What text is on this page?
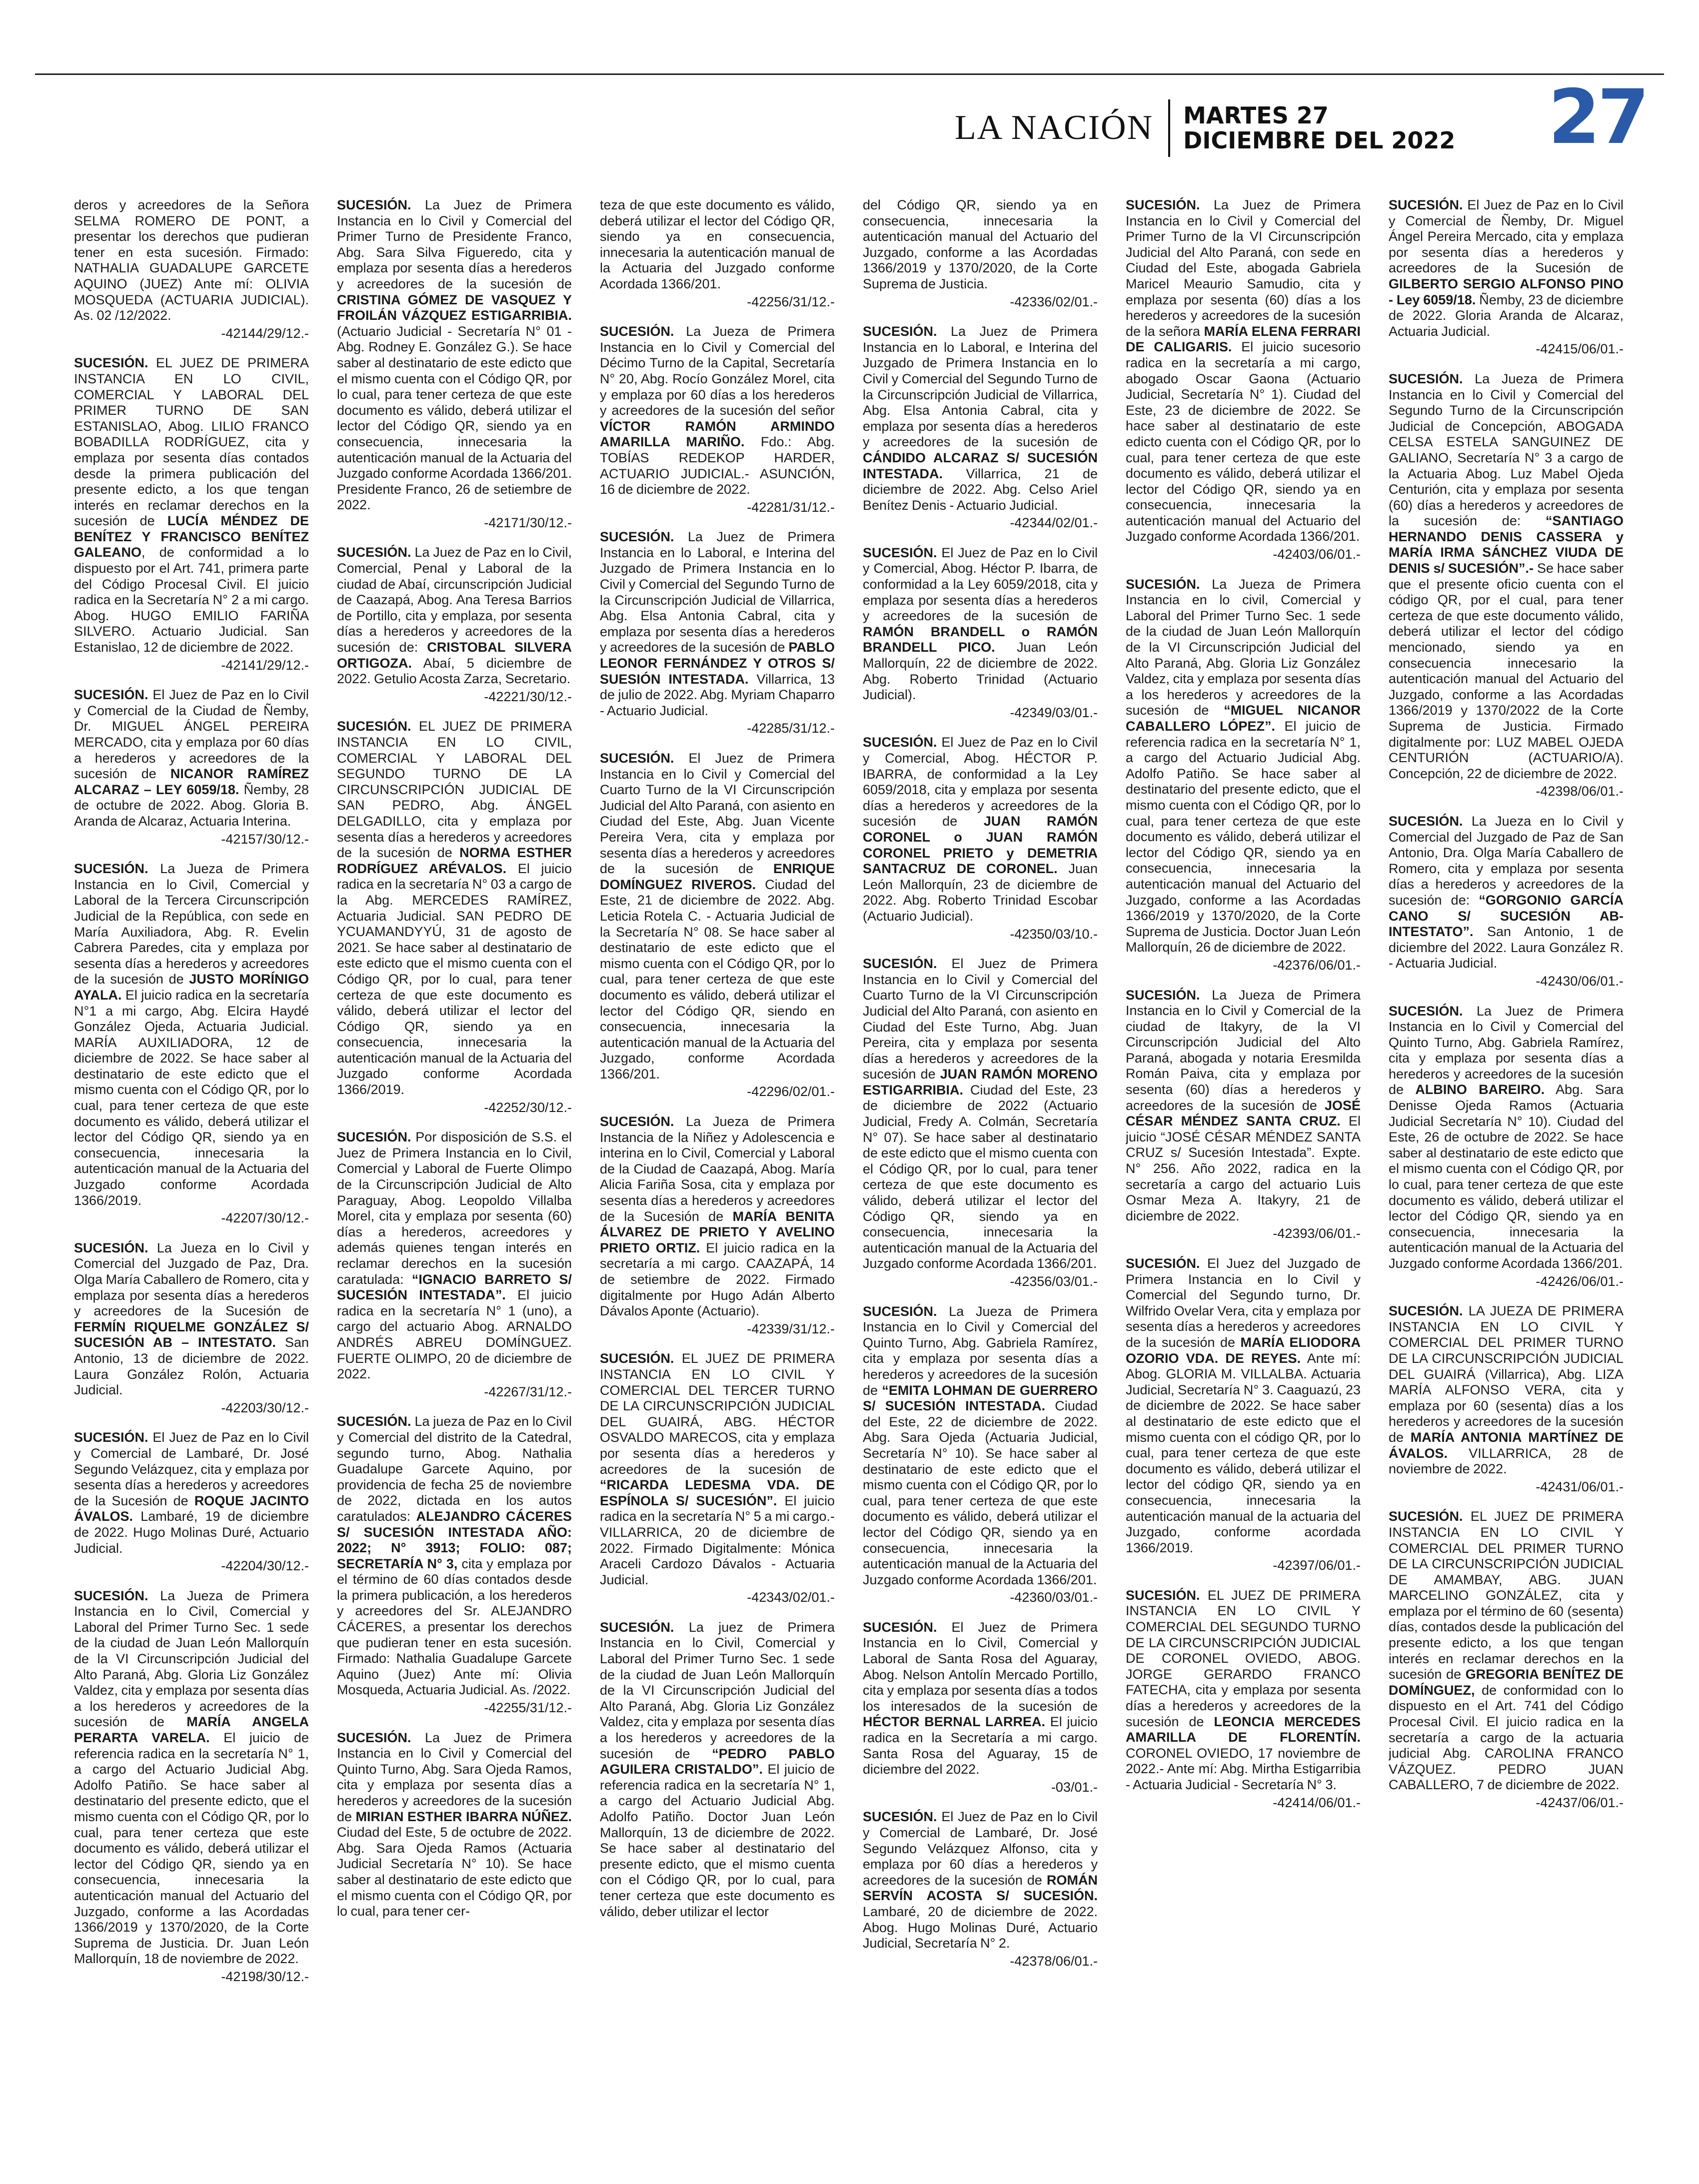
LA NACIÓN MARTES 27
DICIEMBRE DEL 2022 27

deros y acreedores de la Señora SELMA ROMERO DE PONT, a presentar los derechos que pudieran tener en esta sucesión. Firmado: NATHALIA GUADALUPE GARCETE AQUINO (JUEZ) Ante mí: OLIVIA MOSQUEDA (ACTUARIA JUDICIAL). As. 02 /12/2022.
-42144/29/12.-

SUCESIÓN. EL JUEZ DE PRIMERA INSTANCIA EN LO CIVIL, COMERCIAL Y LABORAL DEL PRIMER TURNO DE SAN ESTANISLAO, Abog. LILIO FRANCO BOBADILLA RODRÍGUEZ, cita y emplaza por sesenta días contados desde la primera publicación del presente edicto, a los que tengan interés en reclamar derechos en la sucesión de LUCÍA MÉNDEZ DE BENÍTEZ Y FRANCISCO BENÍTEZ GALEANO, de conformidad a lo dispuesto por el Art. 741, primera parte del Código Procesal Civil. El juicio radica en la Secretaría N° 2 a mi cargo. Abog. HUGO EMILIO FARIÑA SILVERO. Actuario Judicial. San Estanislao, 12 de diciembre de 2022.
-42141/29/12.-

SUCESIÓN. El Juez de Paz en lo Civil y Comercial de la Ciudad de Ñemby, Dr. MIGUEL ÁNGEL PEREIRA MERCADO, cita y emplaza por 60 días a herederos y acreedores de la sucesión de NICANOR RAMÍREZ ALCARAZ – LEY 6059/18. Ñemby, 28 de octubre de 2022. Abog. Gloria B. Aranda de Alcaraz, Actuaria Interina.
-42157/30/12.-

SUCESIÓN. La Jueza de Primera Instancia en lo Civil, Comercial y Laboral de la Tercera Circunscripción Judicial de la República, con sede en María Auxiliadora, Abg. R. Evelin Cabrera Paredes, cita y emplaza por sesenta días a herederos y acreedores de la sucesión de JUSTO MORÍNIGO AYALA. El juicio radica en la secretaría N°1 a mi cargo, Abg. Elcira Haydé González Ojeda, Actuaria Judicial. MARÍA AUXILIADORA, 12 de diciembre de 2022. Se hace saber al destinatario de este edicto que el mismo cuenta con el Código QR, por lo cual, para tener certeza de que este documento es válido, deberá utilizar el lector del Código QR, siendo ya en consecuencia, innecesaria la autenticación manual de la Actuaria del Juzgado conforme Acordada 1366/2019.
-42207/30/12.-

SUCESIÓN. La Jueza en lo Civil y Comercial del Juzgado de Paz, Dra. Olga María Caballero de Romero, cita y emplaza por sesenta días a herederos y acreedores de la Sucesión de FERMÍN RIQUELME GONZÁLEZ S/ SUCESIÓN AB – INTESTATO. San Antonio, 13 de diciembre de 2022. Laura González Rolón, Actuaria Judicial.
-42203/30/12.-

SUCESIÓN. El Juez de Paz en lo Civil y Comercial de Lambaré, Dr. José Segundo Velázquez, cita y emplaza por sesenta días a herederos y acreedores de la Sucesión de ROQUE JACINTO ÁVALOS. Lambaré, 19 de diciembre de 2022. Hugo Molinas Duré, Actuario Judicial.
-42204/30/12.-

SUCESIÓN. La Jueza de Primera Instancia en lo Civil, Comercial y Laboral del Primer Turno Sec. 1 sede de la ciudad de Juan León Mallorquín de la VI Circunscripción Judicial del Alto Paraná, Abg. Gloria Liz González Valdez, cita y emplaza por sesenta días a los herederos y acreedores de la sucesión de MARÍA ANGELA PERARTA VARELA. El juicio de referencia radica en la secretaría N° 1, a cargo del Actuario Judicial Abg. Adolfo Patiño. Se hace saber al destinatario del presente edicto, que el mismo cuenta con el Código QR, por lo cual, para tener certeza que este documento es válido, deberá utilizar el lector del Código QR, siendo ya en consecuencia, innecesaria la autenticación manual del Actuario del Juzgado, conforme a las Acordadas 1366/2019 y 1370/2020, de la Corte Suprema de Justicia. Dr. Juan León Mallorquín, 18 de noviembre de 2022.
-42198/30/12.-

SUCESIÓN. La Juez de Primera Instancia en lo Civil y Comercial del Primer Turno de Presidente Franco, Abg. Sara Silva Figueredo, cita y emplaza por sesenta días a herederos y acreedores de la sucesión de CRISTINA GÓMEZ DE VASQUEZ Y FROILÁN VÁZQUEZ ESTIGARRIBIA. (Actuario Judicial - Secretaría N° 01 - Abg. Rodney E. González G.). Se hace saber al destinatario de este edicto que el mismo cuenta con el Código QR, por lo cual, para tener certeza de que este documento es válido, deberá utilizar el lector del Código QR, siendo ya en consecuencia, innecesaria la autenticación manual de la Actuaria del Juzgado conforme Acordada 1366/201. Presidente Franco, 26 de setiembre de 2022.
-42171/30/12.-

SUCESIÓN. La Juez de Paz en lo Civil, Comercial, Penal y Laboral de la ciudad de Abaí, circunscripción Judicial de Caazapá, Abog. Ana Teresa Barrios de Portillo, cita y emplaza, por sesenta días a herederos y acreedores de la sucesión de: CRISTOBAL SILVERA ORTIGOZA. Abaí, 5 diciembre de 2022. Getulio Acosta Zarza, Secretario.
-42221/30/12.-

SUCESIÓN. EL JUEZ DE PRIMERA INSTANCIA EN LO CIVIL, COMERCIAL Y LABORAL DEL SEGUNDO TURNO DE LA CIRCUNSCRIPCIÓN JUDICIAL DE SAN PEDRO, Abg. ÁNGEL DELGADILLO, cita y emplaza por sesenta días a herederos y acreedores de la sucesión de NORMA ESTHER RODRÍGUEZ ARÉVALOS. El juicio radica en la secretaría N° 03 a cargo de la Abg. MERCEDES RAMÍREZ, Actuaria Judicial. SAN PEDRO DE YCUAMANDYYÚ, 31 de agosto de 2021. Se hace saber al destinatario de este edicto que el mismo cuenta con el Código QR, por lo cual, para tener certeza de que este documento es válido, deberá utilizar el lector del Código QR, siendo ya en consecuencia, innecesaria la autenticación manual de la Actuaria del Juzgado conforme Acordada 1366/2019.
-42252/30/12.-

SUCESIÓN. Por disposición de S.S. el Juez de Primera Instancia en lo Civil, Comercial y Laboral de Fuerte Olimpo de la Circunscripción Judicial de Alto Paraguay, Abog. Leopoldo Villalba Morel, cita y emplaza por sesenta (60) días a herederos, acreedores y además quienes tengan interés en reclamar derechos en la sucesión caratulada: “IGNACIO BARRETO S/ SUCESIÓN INTESTADA”. El juicio radica en la secretaría N° 1 (uno), a cargo del actuario Abog. ARNALDO ANDRÉS ABREU DOMÍNGUEZ. FUERTE OLIMPO, 20 de diciembre de 2022.
-42267/31/12.-

SUCESIÓN. La jueza de Paz en lo Civil y Comercial del distrito de la Catedral, segundo turno, Abog. Nathalia Guadalupe Garcete Aquino, por providencia de fecha 25 de noviembre de 2022, dictada en los autos caratulados: ALEJANDRO CÁCERES S/ SUCESIÓN INTESTADA AÑO: 2022; N° 3913; FOLIO: 087; SECRETARÍA N° 3, cita y emplaza por el término de 60 días contados desde la primera publicación, a los herederos y acreedores del Sr. ALEJANDRO CÁCERES, a presentar los derechos que pudieran tener en esta sucesión. Firmado: Nathalia Guadalupe Garcete Aquino (Juez) Ante mí: Olivia Mosqueda, Actuaria Judicial. As. /2022.
-42255/31/12.-

SUCESIÓN. La Juez de Primera Instancia en lo Civil y Comercial del Quinto Turno, Abg. Sara Ojeda Ramos, cita y emplaza por sesenta días a herederos y acreedores de la sucesión de MIRIAN ESTHER IBARRA NÚÑEZ. Ciudad del Este, 5 de octubre de 2022. Abg. Sara Ojeda Ramos (Actuaria Judicial Secretaría N° 10). Se hace saber al destinatario de este edicto que el mismo cuenta con el Código QR, por lo cual, para tener cer-

teza de que este documento es válido, deberá utilizar el lector del Código QR, siendo ya en consecuencia, innecesaria la autenticación manual de la Actuaria del Juzgado conforme Acordada 1366/201.
-42256/31/12.-

SUCESIÓN. La Jueza de Primera Instancia en lo Civil y Comercial del Décimo Turno de la Capital, Secretaría N° 20, Abg. Rocío González Morel, cita y emplaza por 60 días a los herederos y acreedores de la sucesión del señor VÍCTOR RAMÓN ARMINDO AMARILLA MARIÑO. Fdo.: Abg. TOBÍAS REDEKOP HARDER, ACTUARIO JUDICIAL.- ASUNCIÓN, 16 de diciembre de 2022.
-42281/31/12.-

SUCESIÓN. La Juez de Primera Instancia en lo Laboral, e Interina del Juzgado de Primera Instancia en lo Civil y Comercial del Segundo Turno de la Circunscripción Judicial de Villarrica, Abg. Elsa Antonia Cabral, cita y emplaza por sesenta días a herederos y acreedores de la sucesión de PABLO LEONOR FERNÁNDEZ Y OTROS S/ SUESIÓN INTESTADA. Villarrica, 13 de julio de 2022. Abg. Myriam Chaparro - Actuario Judicial.
-42285/31/12.-

SUCESIÓN. El Juez de Primera Instancia en lo Civil y Comercial del Cuarto Turno de la VI Circunscripción Judicial del Alto Paraná, con asiento en Ciudad del Este, Abg. Juan Vicente Pereira Vera, cita y emplaza por sesenta días a herederos y acreedores de la sucesión de ENRIQUE DOMÍNGUEZ RIVEROS. Ciudad del Este, 21 de diciembre de 2022. Abg. Leticia Rotela C. - Actuaria Judicial de la Secretaría N° 08. Se hace saber al destinatario de este edicto que el mismo cuenta con el Código QR, por lo cual, para tener certeza de que este documento es válido, deberá utilizar el lector del Código QR, siendo en consecuencia, innecesaria la autenticación manual de la Actuaria del Juzgado, conforme Acordada 1366/201.
-42296/02/01.-

SUCESIÓN. La Jueza de Primera Instancia de la Niñez y Adolescencia e interina en lo Civil, Comercial y Laboral de la Ciudad de Caazapá, Abog. María Alicia Fariña Sosa, cita y emplaza por sesenta días a herederos y acreedores de la Sucesión de MARÍA BENITA ÁLVAREZ DE PRIETO Y AVELINO PRIETO ORTIZ. El juicio radica en la secretaría a mi cargo. CAAZAPÁ, 14 de setiembre de 2022. Firmado digitalmente por Hugo Adán Alberto Dávalos Aponte (Actuario).
-42339/31/12.-

SUCESIÓN. EL JUEZ DE PRIMERA INSTANCIA EN LO CIVIL Y COMERCIAL DEL TERCER TURNO DE LA CIRCUNSCRIPCIÓN JUDICIAL DEL GUAIRÁ, ABG. HÉCTOR OSVALDO MARECOS, cita y emplaza por sesenta días a herederos y acreedores de la sucesión de “RICARDA LEDESMA VDA. DE ESPÍNOLA S/ SUCESIÓN”. El juicio radica en la secretaría N° 5 a mi cargo.- VILLARRICA, 20 de diciembre de 2022. Firmado Digitalmente: Mónica Araceli Cardozo Dávalos - Actuaria Judicial.
-42343/02/01.-

SUCESIÓN. La juez de Primera Instancia en lo Civil, Comercial y Laboral del Primer Turno Sec. 1 sede de la ciudad de Juan León Mallorquín de la VI Circunscripción Judicial del Alto Paraná, Abg. Gloria Liz González Valdez, cita y emplaza por sesenta días a los herederos y acreedores de la sucesión de “PEDRO PABLO AGUILERA CRISTALDO”. El juicio de referencia radica en la secretaría N° 1, a cargo del Actuario Judicial Abg. Adolfo Patiño. Doctor Juan León Mallorquín, 13 de diciembre de 2022. Se hace saber al destinatario del presente edicto, que el mismo cuenta con el Código QR, por lo cual, para tener certeza que este documento es válido, deber utilizar el lector

del Código QR, siendo ya en consecuencia, innecesaria la autenticación manual del Actuario del Juzgado, conforme a las Acordadas 1366/2019 y 1370/2020, de la Corte Suprema de Justicia.
-42336/02/01.-

SUCESIÓN. La Juez de Primera Instancia en lo Laboral, e Interina del Juzgado de Primera Instancia en lo Civil y Comercial del Segundo Turno de la Circunscripción Judicial de Villarrica, Abg. Elsa Antonia Cabral, cita y emplaza por sesenta días a herederos y acreedores de la sucesión de CÁNDIDO ALCARAZ S/ SUCESIÓN INTESTADA. Villarrica, 21 de diciembre de 2022. Abg. Celso Ariel Benítez Denis - Actuario Judicial.
-42344/02/01.-

SUCESIÓN. El Juez de Paz en lo Civil y Comercial, Abog. Héctor P. Ibarra, de conformidad a la Ley 6059/2018, cita y emplaza por sesenta días a herederos y acreedores de la sucesión de RAMÓN BRANDELL o RAMÓN BRANDELL PICO. Juan León Mallorquín, 22 de diciembre de 2022. Abg. Roberto Trinidad (Actuario Judicial).
-42349/03/01.-

SUCESIÓN. El Juez de Paz en lo Civil y Comercial, Abog. HÉCTOR P. IBARRA, de conformidad a la Ley 6059/2018, cita y emplaza por sesenta días a herederos y acreedores de la sucesión de JUAN RAMÓN CORONEL o JUAN RAMÓN CORONEL PRIETO y DEMETRIA SANTACRUZ DE CORONEL. Juan León Mallorquín, 23 de diciembre de 2022. Abg. Roberto Trinidad Escobar (Actuario Judicial).
-42350/03/10.-

SUCESIÓN. El Juez de Primera Instancia en lo Civil y Comercial del Cuarto Turno de la VI Circunscripción Judicial del Alto Paraná, con asiento en Ciudad del Este Turno, Abg. Juan Pereira, cita y emplaza por sesenta días a herederos y acreedores de la sucesión de JUAN RAMÓN MORENO ESTIGARRIBIA. Ciudad del Este, 23 de diciembre de 2022 (Actuario Judicial, Fredy A. Colmán, Secretaría N° 07). Se hace saber al destinatario de este edicto que el mismo cuenta con el Código QR, por lo cual, para tener certeza de que este documento es válido, deberá utilizar el lector del Código QR, siendo ya en consecuencia, innecesaria la autenticación manual de la Actuaria del Juzgado conforme Acordada 1366/201.
-42356/03/01.-

SUCESIÓN. La Jueza de Primera Instancia en lo Civil y Comercial del Quinto Turno, Abg. Gabriela Ramírez, cita y emplaza por sesenta días a herederos y acreedores de la sucesión de “EMITA LOHMAN DE GUERRERO S/ SUCESIÓN INTESTADA. Ciudad del Este, 22 de diciembre de 2022. Abg. Sara Ojeda (Actuaria Judicial, Secretaría N° 10). Se hace saber al destinatario de este edicto que el mismo cuenta con el Código QR, por lo cual, para tener certeza de que este documento es válido, deberá utilizar el lector del Código QR, siendo ya en consecuencia, innecesaria la autenticación manual de la Actuaria del Juzgado conforme Acordada 1366/201.
-42360/03/01.-

SUCESIÓN. El Juez de Primera Instancia en lo Civil, Comercial y Laboral de Santa Rosa del Aguaray, Abog. Nelson Antolín Mercado Portillo, cita y emplaza por sesenta días a todos los interesados de la sucesión de HÉCTOR BERNAL LARREA. El juicio radica en la Secretaría a mi cargo. Santa Rosa del Aguaray, 15 de diciembre del 2022.
-03/01.-

SUCESIÓN. El Juez de Paz en lo Civil y Comercial de Lambaré, Dr. José Segundo Velázquez Alfonso, cita y emplaza por 60 días a herederos y acreedores de la sucesión de ROMÁN SERVÍN ACOSTA S/ SUCESIÓN. Lambaré, 20 de diciembre de 2022. Abog. Hugo Molinas Duré, Actuario Judicial, Secretaría N° 2.
-42378/06/01.-

SUCESIÓN. La Juez de Primera Instancia en lo Civil y Comercial del Primer Turno de la VI Circunscripción Judicial del Alto Paraná, con sede en Ciudad del Este, abogada Gabriela Maricel Meaurio Samudio, cita y emplaza por sesenta (60) días a los herederos y acreedores de la sucesión de la señora MARÍA ELENA FERRARI DE CALIGARIS. El juicio sucesorio radica en la secretaría a mi cargo, abogado Oscar Gaona (Actuario Judicial, Secretaría N° 1). Ciudad del Este, 23 de diciembre de 2022. Se hace saber al destinatario de este edicto cuenta con el Código QR, por lo cual, para tener certeza de que este documento es válido, deberá utilizar el lector del Código QR, siendo ya en consecuencia, innecesaria la autenticación manual del Actuario del Juzgado conforme Acordada 1366/201.
-42403/06/01.-

SUCESIÓN. La Jueza de Primera Instancia en lo civil, Comercial y Laboral del Primer Turno Sec. 1 sede de la ciudad de Juan León Mallorquín de la VI Circunscripción Judicial del Alto Paraná, Abg. Gloria Liz González Valdez, cita y emplaza por sesenta días a los herederos y acreedores de la sucesión de “MIGUEL NICANOR CABALLERO LÓPEZ”. El juicio de referencia radica en la secretaría N° 1, a cargo del Actuario Judicial Abg. Adolfo Patiño. Se hace saber al destinatario del presente edicto, que el mismo cuenta con el Código QR, por lo cual, para tener certeza de que este documento es válido, deberá utilizar el lector del Código QR, siendo ya en consecuencia, innecesaria la autenticación manual del Actuario del Juzgado, conforme a las Acordadas 1366/2019 y 1370/2020, de la Corte Suprema de Justicia. Doctor Juan León Mallorquín, 26 de diciembre de 2022.
-42376/06/01.-

SUCESIÓN. La Jueza de Primera Instancia en lo Civil y Comercial de la ciudad de Itakyry, de la VI Circunscripción Judicial del Alto Paraná, abogada y notaria Eresmilda Román Paiva, cita y emplaza por sesenta (60) días a herederos y acreedores de la sucesión de JOSÉ CÉSAR MÉNDEZ SANTA CRUZ. El juicio “JOSÉ CÉSAR MÉNDEZ SANTA CRUZ s/ Sucesión Intestada”. Expte. N° 256. Año 2022, radica en la secretaría a cargo del actuario Luis Osmar Meza A. Itakyry, 21 de diciembre de 2022.
-42393/06/01.-

SUCESIÓN. El Juez del Juzgado de Primera Instancia en lo Civil y Comercial del Segundo turno, Dr. Wilfrido Ovelar Vera, cita y emplaza por sesenta días a herederos y acreedores de la sucesión de MARÍA ELIODORA OZORIO VDA. DE REYES. Ante mí: Abog. GLORIA M. VILLALBA. Actuaria Judicial, Secretaría N° 3. Caaguazú, 23 de diciembre de 2022. Se hace saber al destinatario de este edicto que el mismo cuenta con el código QR, por lo cual, para tener certeza de que este documento es válido, deberá utilizar el lector del código QR, siendo ya en consecuencia, innecesaria la autenticación manual de la actuaria del Juzgado, conforme acordada 1366/2019.
-42397/06/01.-

SUCESIÓN. EL JUEZ DE PRIMERA INSTANCIA EN LO CIVIL Y COMERCIAL DEL SEGUNDO TURNO DE LA CIRCUNSCRIPCIÓN JUDICIAL DE CORONEL OVIEDO, ABOG. JORGE GERARDO FRANCO FATECHA, cita y emplaza por sesenta días a herederos y acreedores de la sucesión de LEONCIA MERCEDES AMARILLA DE FLORENTÍN. CORONEL OVIEDO, 17 noviembre de 2022.- Ante mí: Abg. Mirtha Estigarribia - Actuaria Judicial - Secretaría N° 3.
-42414/06/01.-

SUCESIÓN. El Juez de Paz en lo Civil y Comercial de Ñemby, Dr. Miguel Ángel Pereira Mercado, cita y emplaza por sesenta días a herederos y acreedores de la Sucesión de GILBERTO SERGIO ALFONSO PINO - Ley 6059/18. Ñemby, 23 de diciembre de 2022. Gloria Aranda de Alcaraz, Actuaria Judicial.
-42415/06/01.-

SUCESIÓN. La Jueza de Primera Instancia en lo Civil y Comercial del Segundo Turno de la Circunscripción Judicial de Concepción, ABOGADA CELSA ESTELA SANGUINEZ DE GALIANO, Secretaría N° 3 a cargo de la Actuaria Abog. Luz Mabel Ojeda Centurión, cita y emplaza por sesenta (60) días a herederos y acreedores de la sucesión de: “SANTIAGO HERNANDO DENIS CASSERA y MARÍA IRMA SÁNCHEZ VIUDA DE DENIS s/ SUCESIÓN”.- Se hace saber que el presente oficio cuenta con el código QR, por el cual, para tener certeza de que este documento válido, deberá utilizar el lector del código mencionado, siendo ya en consecuencia innecesario la autenticación manual del Actuario del Juzgado, conforme a las Acordadas 1366/2019 y 1370/2022 de la Corte Suprema de Justicia. Firmado digitalmente por: LUZ MABEL OJEDA CENTURIÓN (ACTUARIO/A). Concepción, 22 de diciembre de 2022.
-42398/06/01.-

SUCESIÓN. La Jueza en lo Civil y Comercial del Juzgado de Paz de San Antonio, Dra. Olga María Caballero de Romero, cita y emplaza por sesenta días a herederos y acreedores de la sucesión de: “GORGONIO GARCÍA CANO S/ SUCESIÓN AB- INTESTATO”. San Antonio, 1 de diciembre del 2022. Laura González R. - Actuaria Judicial.
-42430/06/01.-

SUCESIÓN. La Juez de Primera Instancia en lo Civil y Comercial del Quinto Turno, Abg. Gabriela Ramírez, cita y emplaza por sesenta días a herederos y acreedores de la sucesión de ALBINO BAREIRO. Abg. Sara Denisse Ojeda Ramos (Actuaria Judicial Secretaría N° 10). Ciudad del Este, 26 de octubre de 2022. Se hace saber al destinatario de este edicto que el mismo cuenta con el Código QR, por lo cual, para tener certeza de que este documento es válido, deberá utilizar el lector del Código QR, siendo ya en consecuencia, innecesaria la autenticación manual de la Actuaria del Juzgado conforme Acordada 1366/201.
-42426/06/01.-

SUCESIÓN. LA JUEZA DE PRIMERA INSTANCIA EN LO CIVIL Y COMERCIAL DEL PRIMER TURNO DE LA CIRCUNSCRIPCIÓN JUDICIAL DEL GUAIRÁ (Villarrica), Abg. LIZA MARÍA ALFONSO VERA, cita y emplaza por 60 (sesenta) días a los herederos y acreedores de la sucesión de MARÍA ANTONIA MARTÍNEZ DE ÁVALOS. VILLARRICA, 28 de noviembre de 2022.
-42431/06/01.-

SUCESIÓN. EL JUEZ DE PRIMERA INSTANCIA EN LO CIVIL Y COMERCIAL DEL PRIMER TURNO DE LA CIRCUNSCRIPCIÓN JUDICIAL DE AMAMBAY, ABG. JUAN MARCELINO GONZÁLEZ, cita y emplaza por el término de 60 (sesenta) días, contados desde la publicación del presente edicto, a los que tengan interés en reclamar derechos en la sucesión de GREGORIA BENÍTEZ DE DOMÍNGUEZ, de conformidad con lo dispuesto en el Art. 741 del Código Procesal Civil. El juicio radica en la secretaría a cargo de la actuaria judicial Abg. CAROLINA FRANCO VÁZQUEZ. PEDRO JUAN CABALLERO, 7 de diciembre de 2022.
-42437/06/01.-
